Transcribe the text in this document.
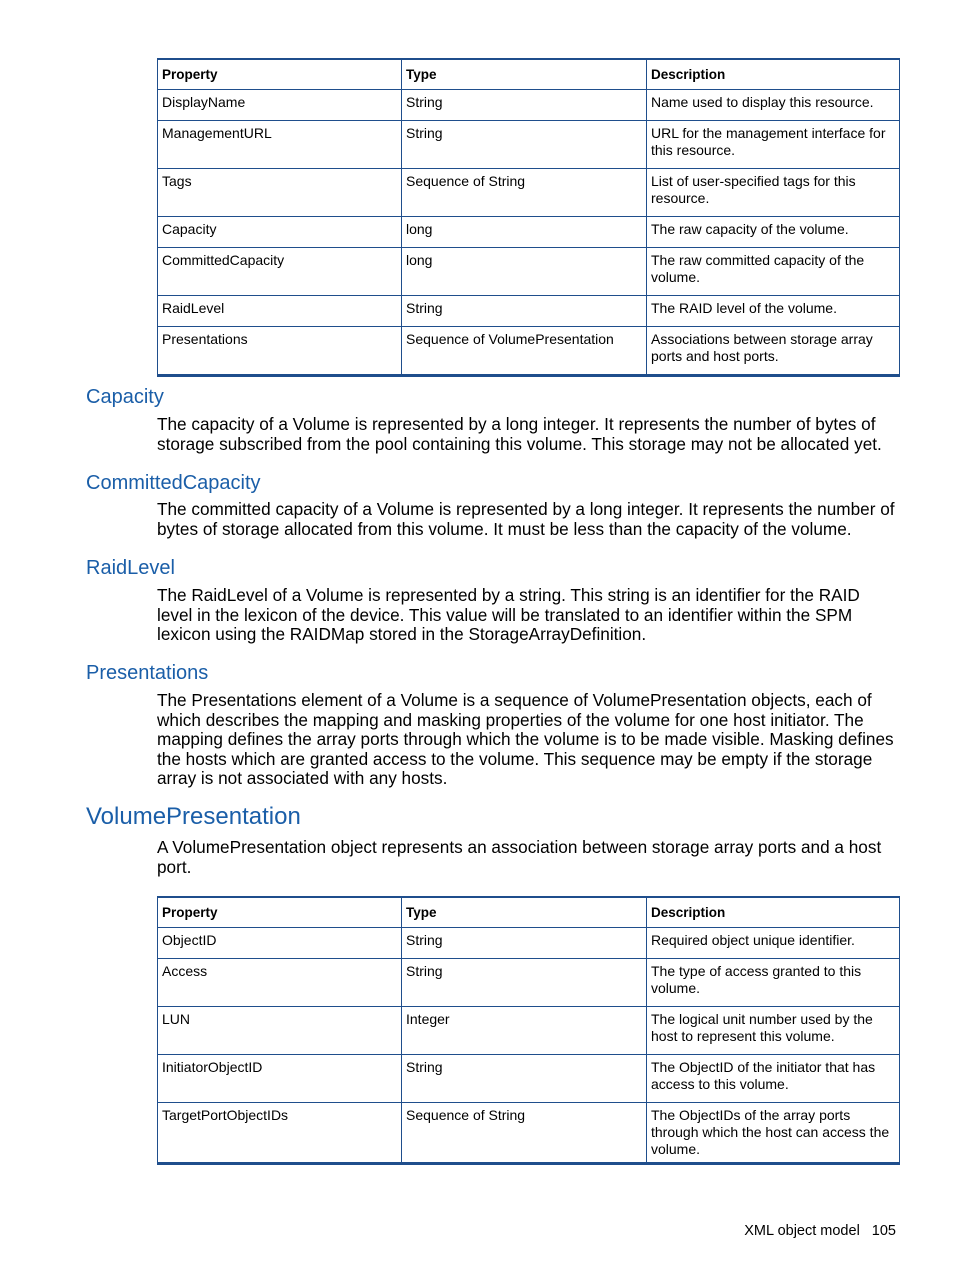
Property	Type	Description
DisplayName	String	Name used to display this resource.
ManagementURL	String	URL for the management interface for this resource.
Tags	Sequence of String	List of user-specified tags for this resource.
Capacity	long	The raw capacity of the volume.
CommittedCapacity	long	The raw committed capacity of the volume.
RaidLevel	String	The RAID level of the volume.
Presentations	Sequence of VolumePresentation	Associations between storage array ports and host ports.
Capacity

The capacity of a Volume is represented by a long integer. It represents the number of bytes of storage subscribed from the pool containing this volume. This storage may not be allocated yet.

CommittedCapacity

The committed capacity of a Volume is represented by a long integer. It represents the number of bytes of storage allocated from this volume. It must be less than the capacity of the volume.

RaidLevel

The RaidLevel of a Volume is represented by a string. This string is an identifier for the RAID level in the lexicon of the device. This value will be translated to an identifier within the SPM lexicon using the RAIDMap stored in the StorageArrayDefinition.

Presentations

The Presentations element of a Volume is a sequence of VolumePresentation objects, each of which describes the mapping and masking properties of the volume for one host initiator. The mapping defines the array ports through which the volume is to be made visible. Masking defines the hosts which are granted access to the volume. This sequence may be empty if the storage array is not associated with any hosts.

VolumePresentation

A VolumePresentation object represents an association between storage array ports and a host port.

Property	Type	Description
ObjectID	String	Required object unique identifier.
Access	String	The type of access granted to this volume.
LUN	Integer	The logical unit number used by the host to represent this volume.
InitiatorObjectID	String	The ObjectID of the initiator that has access to this volume.
TargetPortObjectIDs	Sequence of String	The ObjectIDs of the array ports through which the host can access the volume.
XML object model 105
